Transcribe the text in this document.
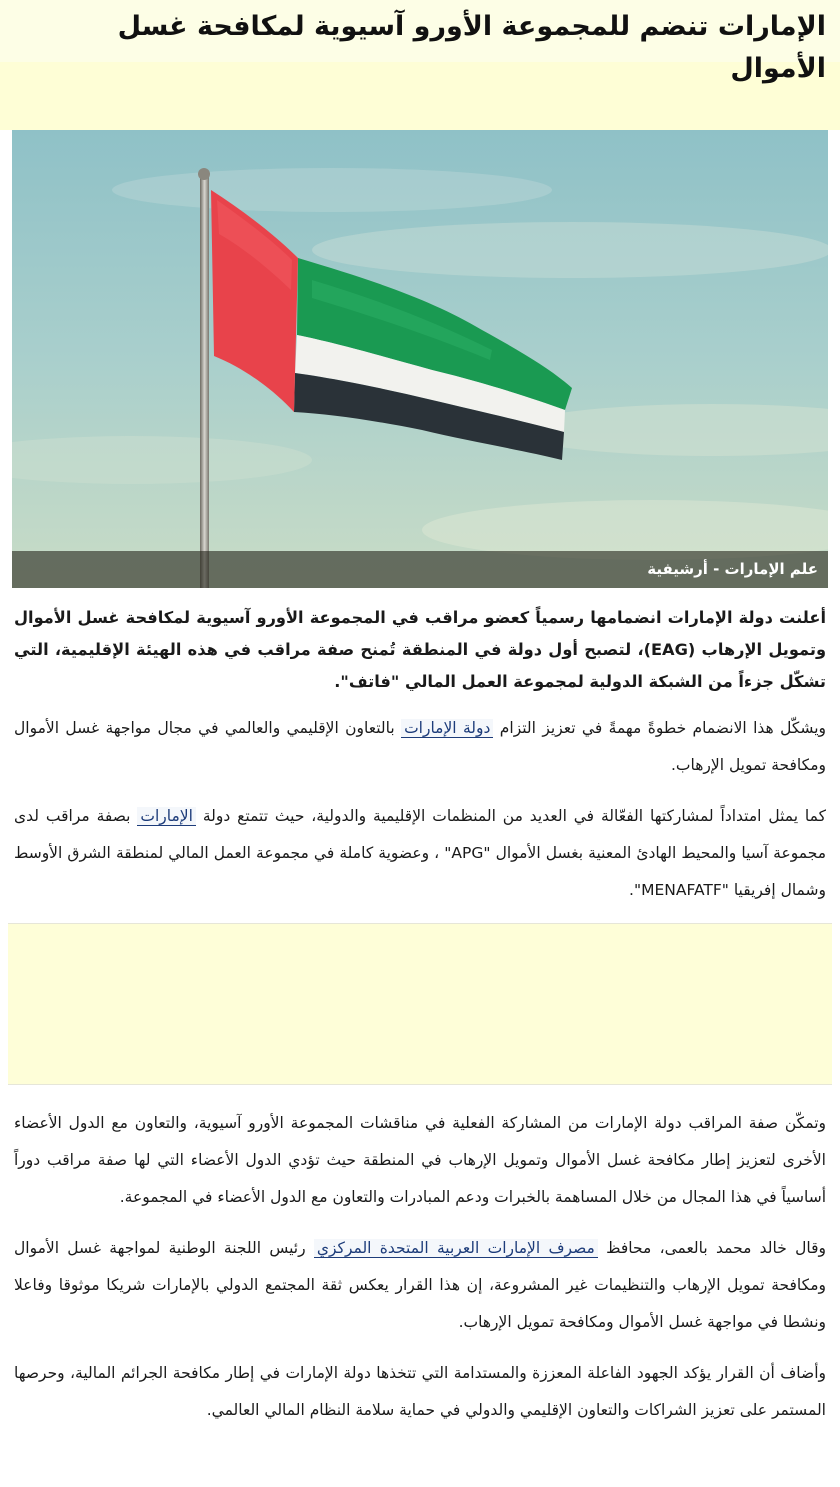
الإمارات تنضم للمجموعة الأورو آسيوية لمكافحة غسل الأموال
علم الإمارات - أرشيفية

أعلنت دولة الإمارات انضمامها رسمياً كعضو مراقب في المجموعة الأورو آسيوية لمكافحة غسل الأموال وتمويل الإرهاب (EAG)، لتصبح أول دولة في المنطقة تُمنح صفة مراقب في هذه الهيئة الإقليمية، التي تشكّل جزءاً من الشبكة الدولية لمجموعة العمل المالي "فاتف".

ويشكّل هذا الانضمام خطوةً مهمةً في تعزيز التزام دولة الإمارات بالتعاون الإقليمي والعالمي في مجال مواجهة غسل الأموال ومكافحة تمويل الإرهاب.

كما يمثل امتداداً لمشاركتها الفعّالة في العديد من المنظمات الإقليمية والدولية، حيث تتمتع دولة الإمارات بصفة مراقب لدى مجموعة آسيا والمحيط الهادئ المعنية بغسل الأموال "APG" ، وعضوية كاملة في مجموعة العمل المالي لمنطقة الشرق الأوسط وشمال إفريقيا "MENAFATF".

وتمكّن صفة المراقب دولة الإمارات من المشاركة الفعلية في مناقشات المجموعة الأورو آسيوية، والتعاون مع الدول الأعضاء الأخرى لتعزيز إطار مكافحة غسل الأموال وتمويل الإرهاب في المنطقة حيث تؤدي الدول الأعضاء التي لها صفة مراقب دوراً أساسياً في هذا المجال من خلال المساهمة بالخبرات ودعم المبادرات والتعاون مع الدول الأعضاء في المجموعة.

وقال خالد محمد بالعمى، محافظ مصرف الإمارات العربية المتحدة المركزي رئيس اللجنة الوطنية لمواجهة غسل الأموال ومكافحة تمويل الإرهاب والتنظيمات غير المشروعة، إن هذا القرار يعكس ثقة المجتمع الدولي بالإمارات شريكا موثوقا وفاعلا ونشطا في مواجهة غسل الأموال ومكافحة تمويل الإرهاب.

وأضاف أن القرار يؤكد الجهود الفاعلة المعززة والمستدامة التي تتخذها دولة الإمارات في إطار مكافحة الجرائم المالية، وحرصها المستمر على تعزيز الشراكات والتعاون الإقليمي والدولي في حماية سلامة النظام المالي العالمي.
